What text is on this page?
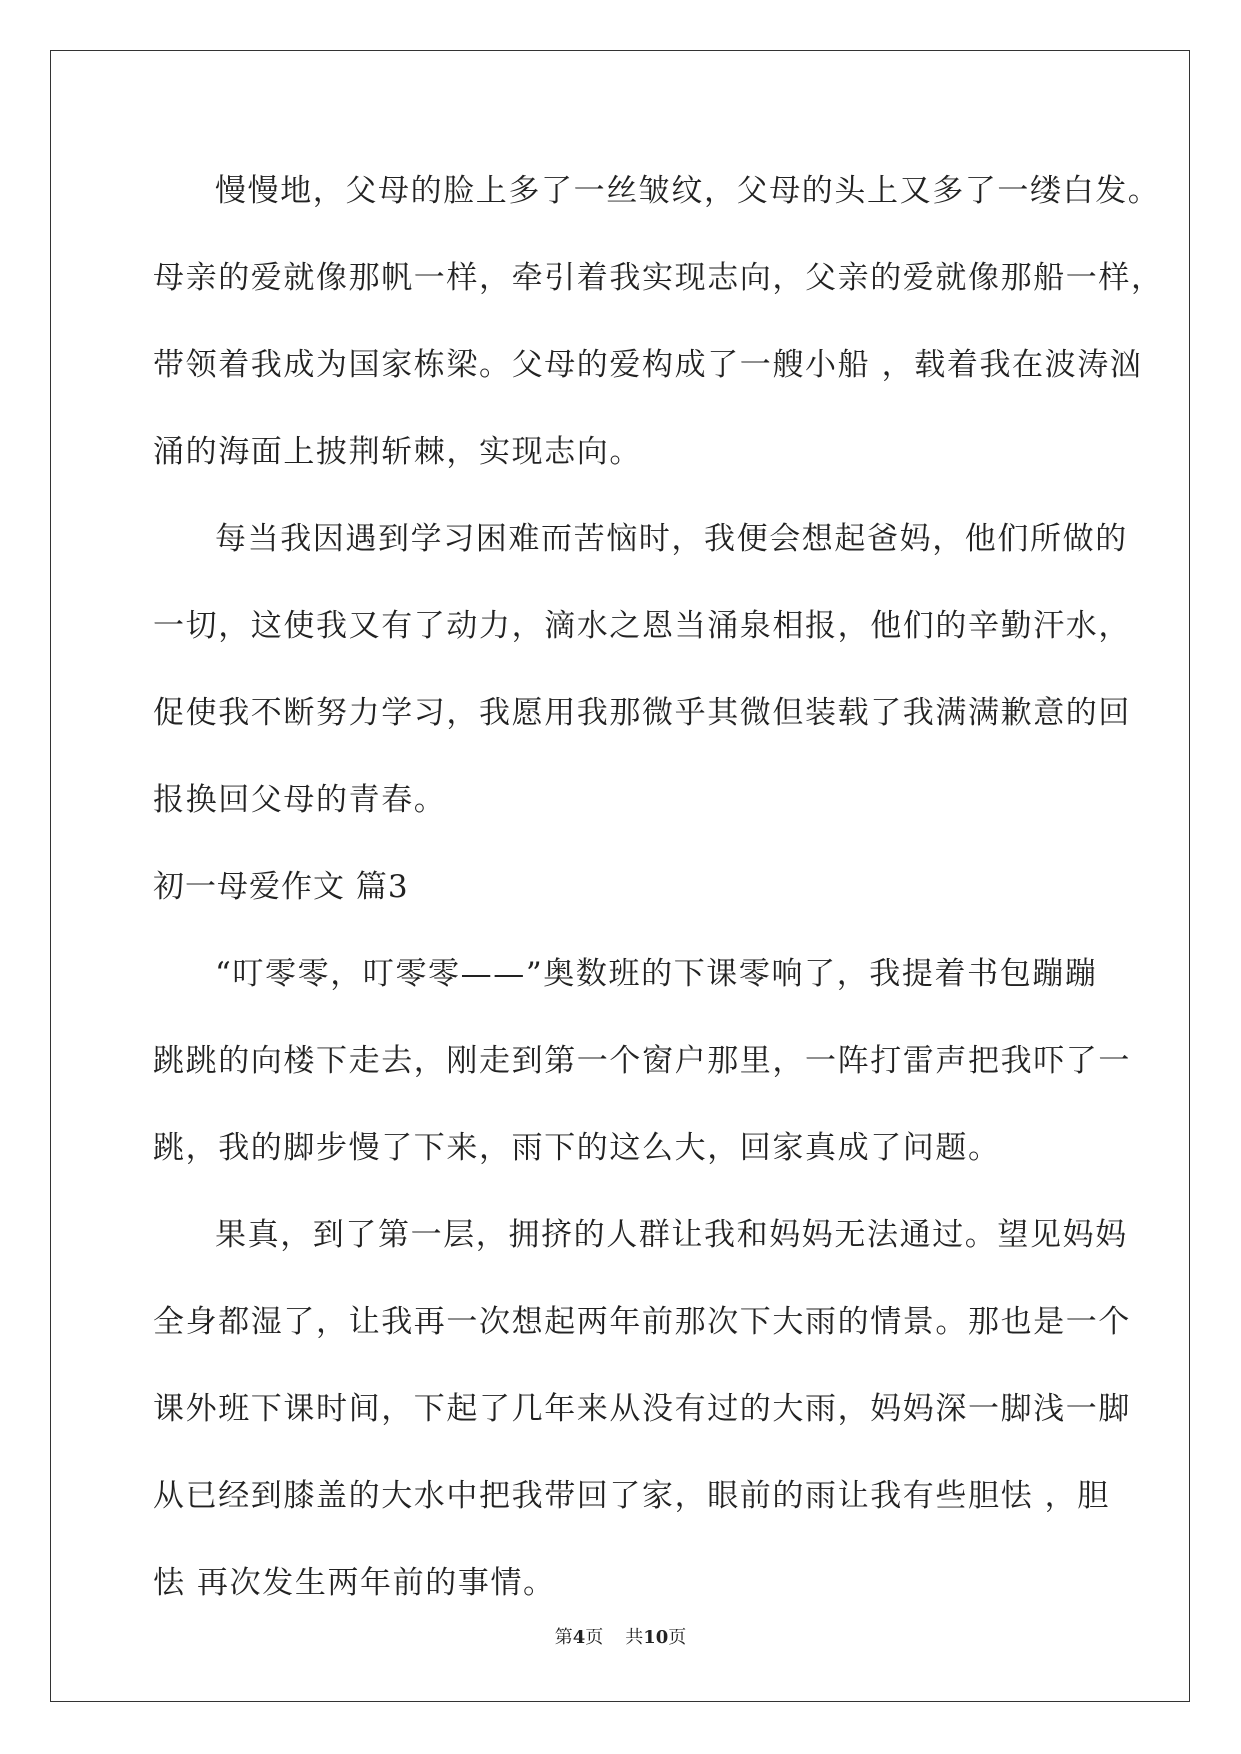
慢慢地，父母的脸上多了一丝皱纹，父母的头上又多了一缕白发。
母亲的爱就像那帆一样，牵引着我实现志向，父亲的爱就像那船一样，
带领着我成为国家栋梁。父母的爱构成了一艘小船 ，载着我在波涛汹
涌的海面上披荆斩棘，实现志向。
每当我因遇到学习困难而苦恼时，我便会想起爸妈，他们所做的
一切，这使我又有了动力，滴水之恩当涌泉相报，他们的辛勤汗水，
促使我不断努力学习，我愿用我那微乎其微但装载了我满满歉意的回
报换回父母的青春。
初一母爱作文 篇3
“叮零零，叮零零——”奥数班的下课零响了，我提着书包蹦蹦
跳跳的向楼下走去，刚走到第一个窗户那里，一阵打雷声把我吓了一
跳，我的脚步慢了下来，雨下的这么大，回家真成了问题。
果真，到了第一层，拥挤的人群让我和妈妈无法通过。望见妈妈
全身都湿了，让我再一次想起两年前那次下大雨的情景。那也是一个
课外班下课时间，下起了几年来从没有过的大雨，妈妈深一脚浅一脚
从已经到膝盖的大水中把我带回了家，眼前的雨让我有些胆怯 ，胆
怯 再次发生两年前的事情。
第4页 共10页
